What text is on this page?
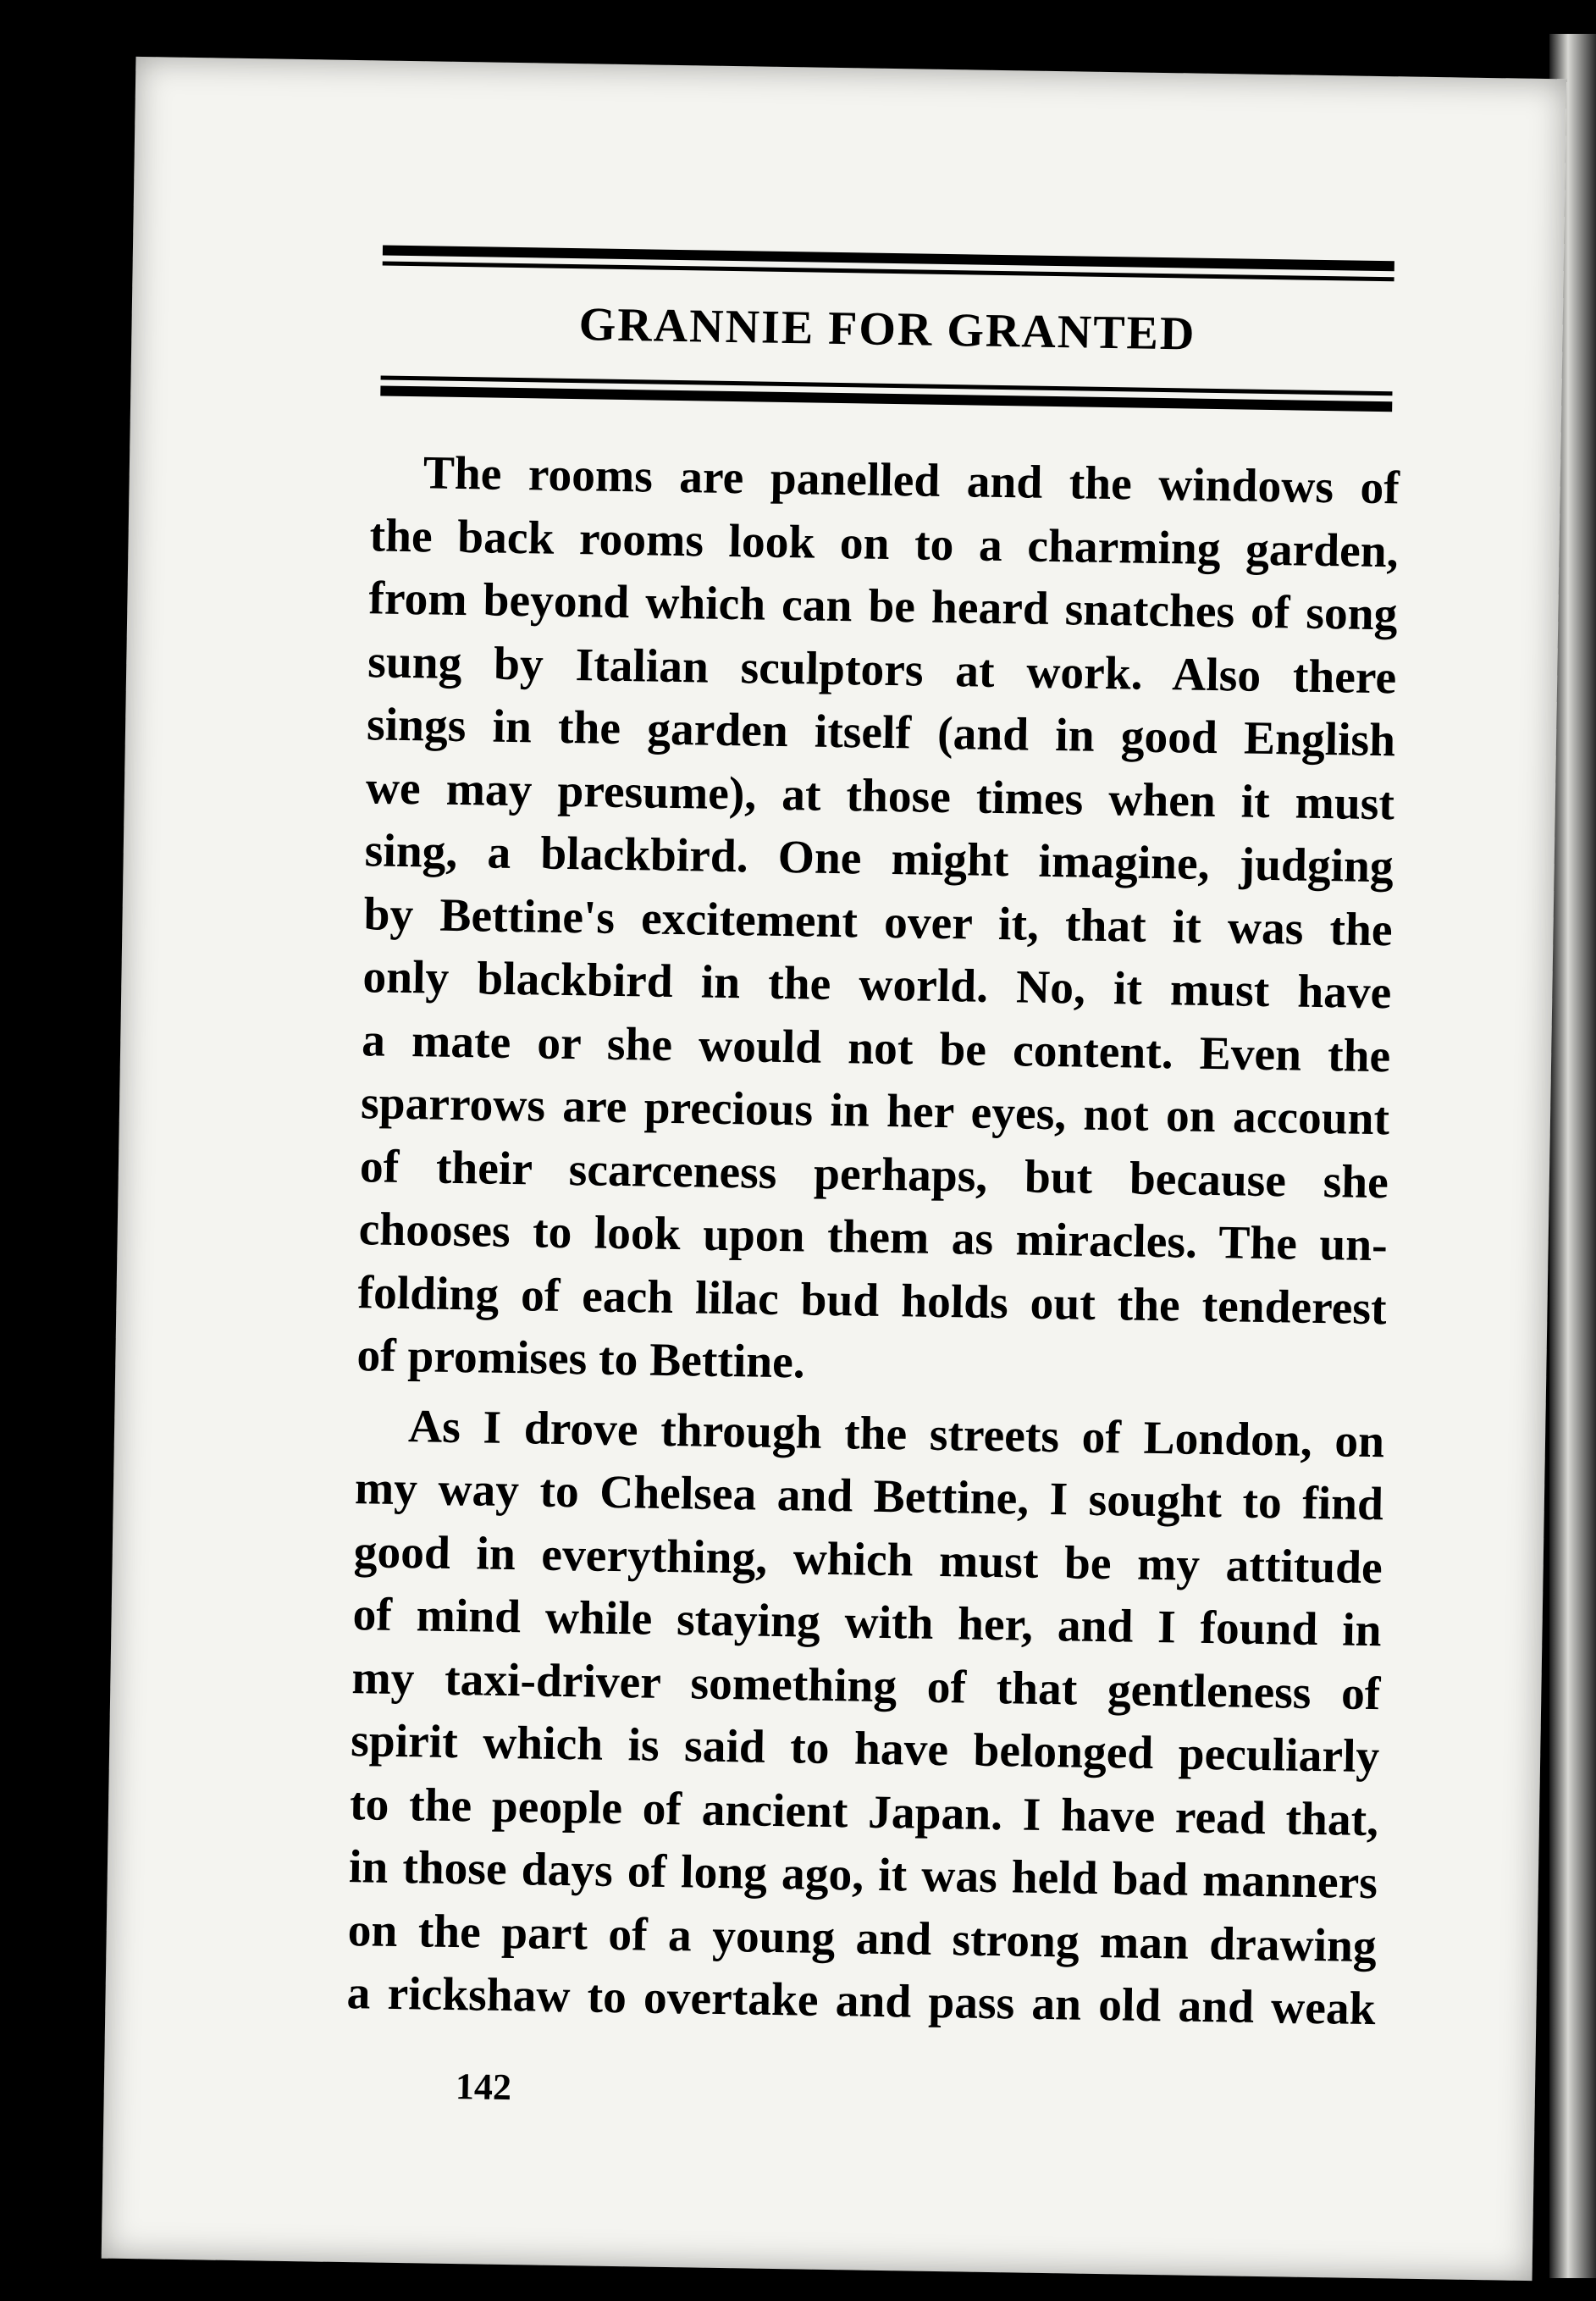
GRANNIE FOR GRANTED
The rooms are panelled and the windows of
the back rooms look on to a charming garden,
from beyond which can be heard snatches of song
sung by Italian sculptors at work. Also there
sings in the garden itself (and in good English
we may presume), at those times when it must
sing, a blackbird. One might imagine, judging
by Bettine's excitement over it, that it was the
only blackbird in the world. No, it must have
a mate or she would not be content. Even the
sparrows are precious in her eyes, not on account
of their scarceness perhaps, but because she
chooses to look upon them as miracles. The un-
folding of each lilac bud holds out the tenderest
of promises to Bettine.
As I drove through the streets of London, on
my way to Chelsea and Bettine, I sought to find
good in everything, which must be my attitude
of mind while staying with her, and I found in
my taxi-driver something of that gentleness of
spirit which is said to have belonged peculiarly
to the people of ancient Japan. I have read that,
in those days of long ago, it was held bad manners
on the part of a young and strong man drawing
a rickshaw to overtake and pass an old and weak
142
